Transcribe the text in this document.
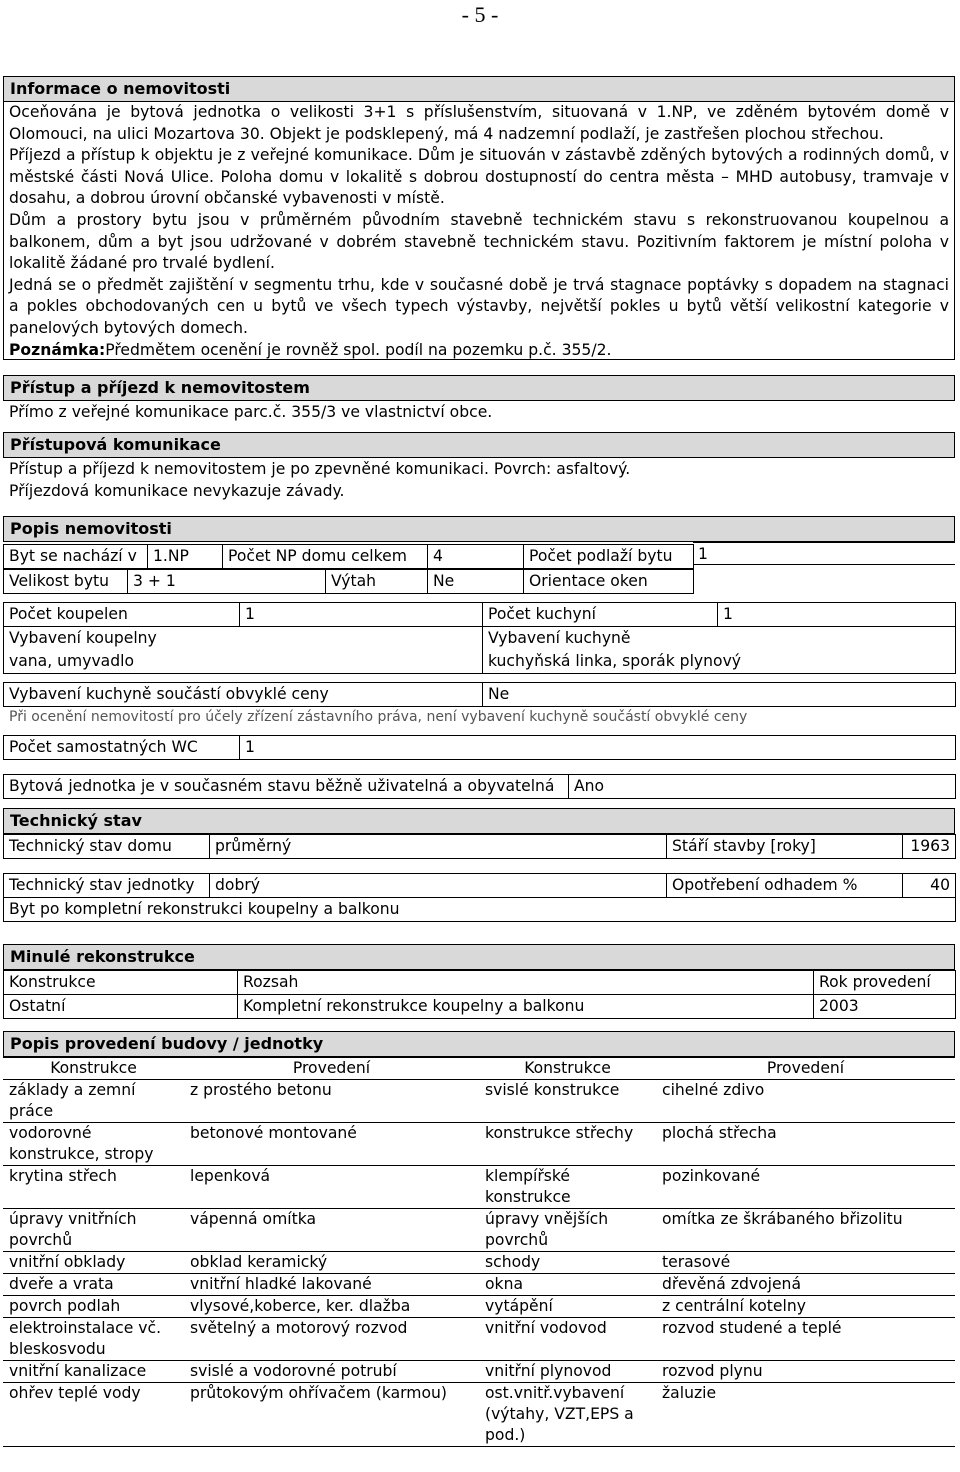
- 5 -
Informace o nemovitosti

Oceňována je bytová jednotka o velikosti 3+1 s příslušenstvím, situovaná v 1.NP, ve zděném bytovém domě v Olomouci, na ulici Mozartova 30. Objekt je podsklepený, má 4 nadzemní podlaží, je zastřešen plochou střechou.

Příjezd a přístup k objektu je z veřejné komunikace. Dům je situován v zástavbě zděných bytových a rodinných domů, v městské části Nová Ulice. Poloha domu v lokalitě s dobrou dostupností do centra města – MHD autobusy, tramvaje v dosahu, a dobrou úrovní občanské vybavenosti v místě.

Dům a prostory bytu jsou v průměrném původním stavebně technickém stavu s rekonstruovanou koupelnou a balkonem, dům a byt jsou udržované v dobrém stavebně technickém stavu. Pozitivním faktorem je místní poloha v lokalitě žádané pro trvalé bydlení.

Jedná se o předmět zajištění v segmentu trhu, kde v současné době je trvá stagnace poptávky s dopadem na stagnaci a pokles obchodovaných cen u bytů ve všech typech výstavby, největší pokles u bytů větší velikostní kategorie v panelových bytových domech.

Poznámka:Předmětem ocenění je rovněž spol. podíl na pozemku p.č. 355/2.

Přístup a příjezd k nemovitostem
Přímo z veřejné komunikace parc.č. 355/3 ve vlastnictví obce.
Přístupová komunikace
Přístup a příjezd k nemovitostem je po zpevněné komunikaci. Povrch: asfaltový.
Příjezdová komunikace nevykazuje závady.
Popis nemovitosti
Byt se nachází v	1.NP	Počet NP domu celkem	4	Počet podlaží bytu	1
Velikost bytu	3 + 1	Výtah	Ne	Orientace oken
Počet koupelen	1	Počet kuchyní	1
Vybavení koupelny		Vybavení kuchyně	
vana, umyvadlo		kuchyňská linka, sporák plynový	
Vybavení kuchyně součástí obvyklé ceny	Ne
Při ocenění nemovitostí pro účely zřízení zástavního práva, není vybavení kuchyně součástí obvyklé ceny
Počet samostatných WC	1
Bytová jednotka je v současném stavu běžně uživatelná a obyvatelná	Ano
Technický stav
Technický stav domu	průměrný	Stáří stavby [roky]	1963
Technický stav jednotky	dobrý	Opotřebení odhadem %	40
Byt po kompletní rekonstrukci koupelny a balkonu
Minulé rekonstrukce
Konstrukce	Rozsah	Rok provedení
Ostatní	Kompletní rekonstrukce koupelny a balkonu	2003
Popis provedení budovy / jednotky
Konstrukce	Provedení	Konstrukce	Provedení
základy a zemní práce	z prostého betonu	svislé konstrukce	cihelné zdivo
vodorovné konstrukce, stropy	betonové montované	konstrukce střechy	plochá střecha
krytina střech	lepenková	klempířské konstrukce	pozinkované
úpravy vnitřních povrchů	vápenná omítka	úpravy vnějších povrchů	omítka ze škrábaného břizolitu
vnitřní obklady	obklad keramický	schody	terasové
dveře a vrata	vnitřní hladké lakované	okna	dřevěná zdvojená
povrch podlah	vlysové,koberce, ker. dlažba	vytápění	z centrální kotelny
elektroinstalace vč. bleskosvodu	světelný a motorový rozvod	vnitřní vodovod	rozvod studené a teplé
vnitřní kanalizace	svislé a vodorovné potrubí	vnitřní plynovod	rozvod plynu
ohřev teplé vody	průtokovým ohřívačem (karmou)	ost.vnitř.vybavení (výtahy, VZT,EPS a pod.)	žaluzie
